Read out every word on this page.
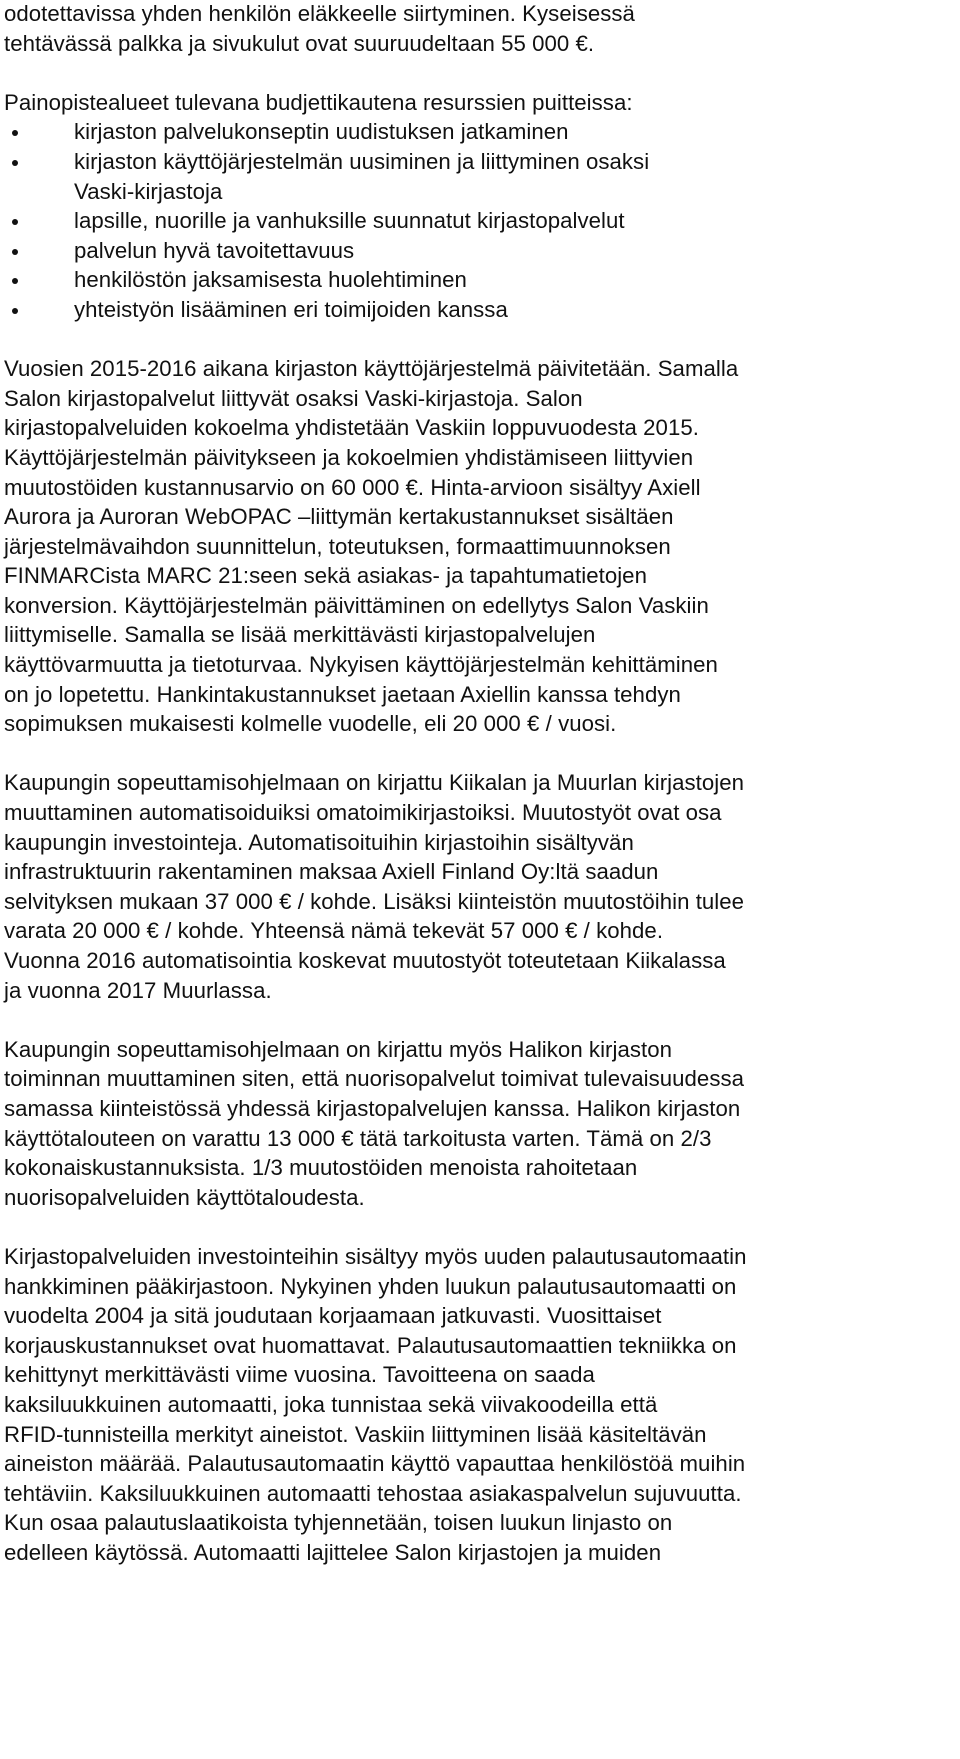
odotettavissa yhden henkilön eläkkeelle siirtyminen. Kyseisessä
tehtävässä palkka ja sivukulut ovat suuruudeltaan 55 000 €.

Painopistealueet tulevana budjettikautena resurssien puitteissa:
kirjaston palvelukonseptin uudistuksen jatkaminen
kirjaston käyttöjärjestelmän uusiminen ja liittyminen osaksi
Vaski-kirjastoja
lapsille, nuorille ja vanhuksille suunnatut kirjastopalvelut
palvelun hyvä tavoitettavuus
henkilöstön jaksamisesta huolehtiminen
yhteistyön lisääminen eri toimijoiden kanssa

Vuosien 2015-2016 aikana kirjaston käyttöjärjestelmä päivitetään. Samalla
Salon kirjastopalvelut liittyvät osaksi Vaski-kirjastoja. Salon
kirjastopalveluiden kokoelma yhdistetään Vaskiin loppuvuodesta 2015.
Käyttöjärjestelmän päivitykseen ja kokoelmien yhdistämiseen liittyvien
muutostöiden kustannusarvio on 60 000 €. Hinta-arvioon sisältyy Axiell
Aurora ja Auroran WebOPAC –liittymän kertakustannukset sisältäen
järjestelmävaihdon suunnittelun, toteutuksen, formaattimuunnoksen
FINMARCista MARC 21:seen sekä asiakas- ja tapahtumatietojen
konversion. Käyttöjärjestelmän päivittäminen on edellytys Salon Vaskiin
liittymiselle. Samalla se lisää merkittävästi kirjastopalvelujen
käyttövarmuutta ja tietoturvaa. Nykyisen käyttöjärjestelmän kehittäminen
on jo lopetettu. Hankintakustannukset jaetaan Axiellin kanssa tehdyn
sopimuksen mukaisesti kolmelle vuodelle, eli 20 000 € / vuosi.

Kaupungin sopeuttamisohjelmaan on kirjattu Kiikalan ja Muurlan kirjastojen
muuttaminen automatisoiduiksi omatoimikirjastoiksi. Muutostyöt ovat osa
kaupungin investointeja. Automatisoituihin kirjastoihin sisältyvän
infrastruktuurin rakentaminen maksaa Axiell Finland Oy:ltä saadun
selvityksen mukaan 37 000 € / kohde. Lisäksi kiinteistön muutostöihin tulee
varata 20 000 € / kohde. Yhteensä nämä tekevät 57 000 € / kohde.
Vuonna 2016 automatisointia koskevat muutostyöt toteutetaan Kiikalassa
ja vuonna 2017 Muurlassa.

Kaupungin sopeuttamisohjelmaan on kirjattu myös Halikon kirjaston
toiminnan muuttaminen siten, että nuorisopalvelut toimivat tulevaisuudessa
samassa kiinteistössä yhdessä kirjastopalvelujen kanssa. Halikon kirjaston
käyttötalouteen on varattu 13 000 € tätä tarkoitusta varten. Tämä on 2/3
kokonaiskustannuksista. 1/3 muutostöiden menoista rahoitetaan
nuorisopalveluiden käyttötaloudesta.

Kirjastopalveluiden investointeihin sisältyy myös uuden palautusautomaatin
hankkiminen pääkirjastoon. Nykyinen yhden luukun palautusautomaatti on
vuodelta 2004 ja sitä joudutaan korjaamaan jatkuvasti. Vuosittaiset
korjauskustannukset ovat huomattavat. Palautusautomaattien tekniikka on
kehittynyt merkittävästi viime vuosina. Tavoitteena on saada
kaksiluukkuinen automaatti, joka tunnistaa sekä viivakoodeilla että
RFID-tunnisteilla merkityt aineistot. Vaskiin liittyminen lisää käsiteltävän
aineiston määrää. Palautusautomaatin käyttö vapauttaa henkilöstöä muihin
tehtäviin. Kaksiluukkuinen automaatti tehostaa asiakaspalvelun sujuvuutta.
Kun osaa palautuslaatikoista tyhjennetään, toisen luukun linjasto on
edelleen käytössä. Automaatti lajittelee Salon kirjastojen ja muiden
